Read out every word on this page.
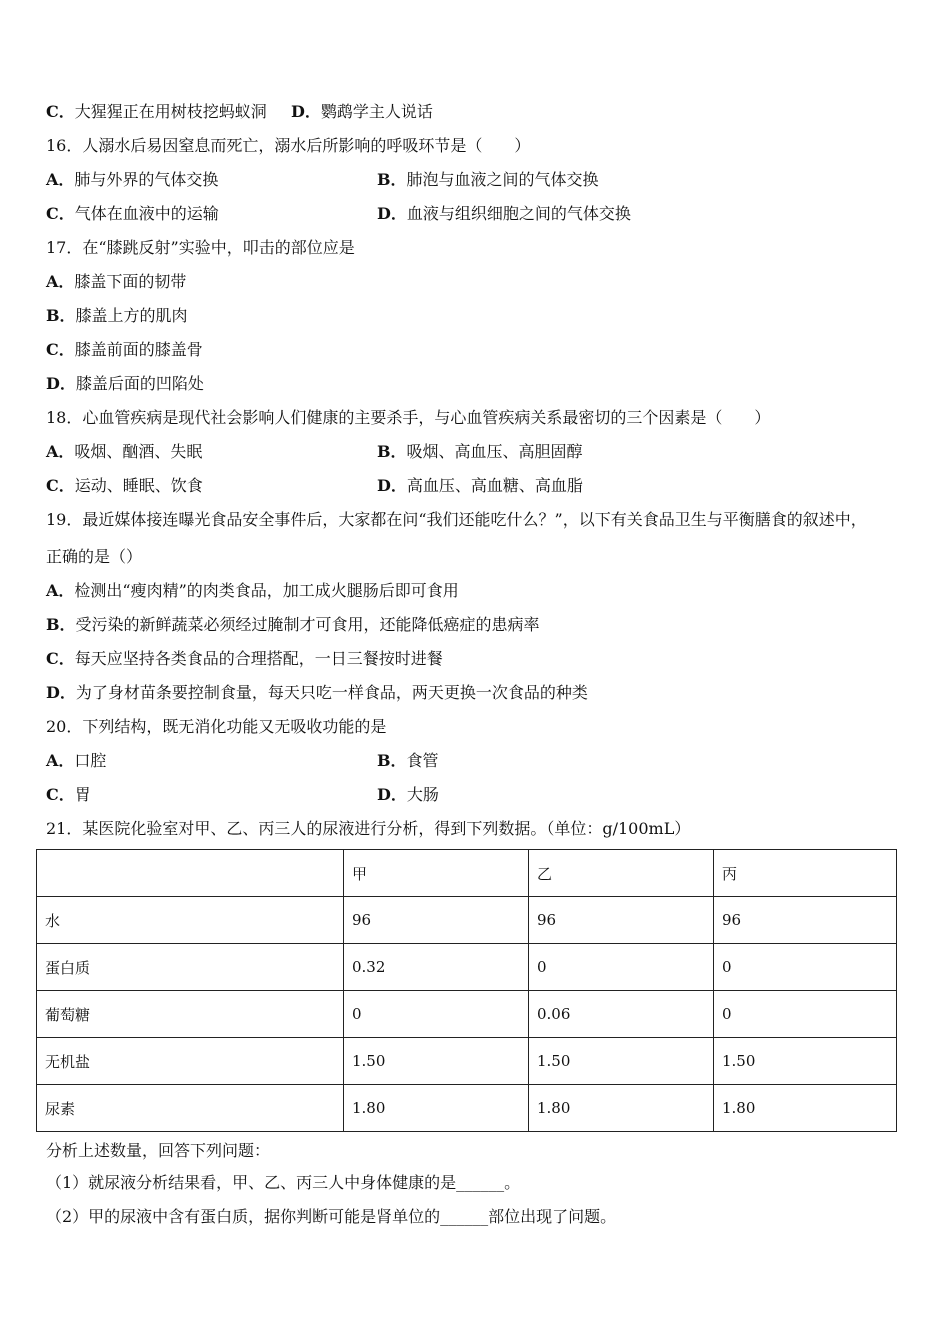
C．大猩猩正在用树枝挖蚂蚁洞 D．鹦鹉学主人说话
16．人溺水后易因窒息而死亡，溺水后所影响的呼吸环节是（　　）
A．肺与外界的气体交换	B．肺泡与血液之间的气体交换
C．气体在血液中的运输	D．血液与组织细胞之间的气体交换
17．在“膝跳反射”实验中，叩击的部位应是
A．膝盖下面的韧带
B．膝盖上方的肌肉
C．膝盖前面的膝盖骨
D．膝盖后面的凹陷处
18．心血管疾病是现代社会影响人们健康的主要杀手，与心血管疾病关系最密切的三个因素是（　　）
A．吸烟、酗酒、失眠	B．吸烟、高血压、高胆固醇
C．运动、睡眠、饮食	D．高血压、高血糖、高血脂
19．最近媒体接连曝光食品安全事件后，大家都在问“我们还能吃什么？”，以下有关食品卫生与平衡膳食的叙述中，
正确的是（）
A．检测出“瘦肉精”的肉类食品，加工成火腿肠后即可食用
B．受污染的新鲜蔬菜必须经过腌制才可食用，还能降低癌症的患病率
C．每天应坚持各类食品的合理搭配，一日三餐按时进餐
D．为了身材苗条要控制食量，每天只吃一样食品，两天更换一次食品的种类
20．下列结构，既无消化功能又无吸收功能的是
A．口腔	B．食管
C．胃	D．大肠
21．某医院化验室对甲、乙、丙三人的尿液进行分析，得到下列数据。（单位：g/100mL）
	甲	乙	丙
水	96	96	96
蛋白质	0.32	0	0
葡萄糖	0	0.06	0
无机盐	1.50	1.50	1.50
尿素	1.80	1.80	1.80
分析上述数量，回答下列问题：
（1）就尿液分析结果看，甲、乙、丙三人中身体健康的是______。
（2）甲的尿液中含有蛋白质，据你判断可能是肾单位的______部位出现了问题。
